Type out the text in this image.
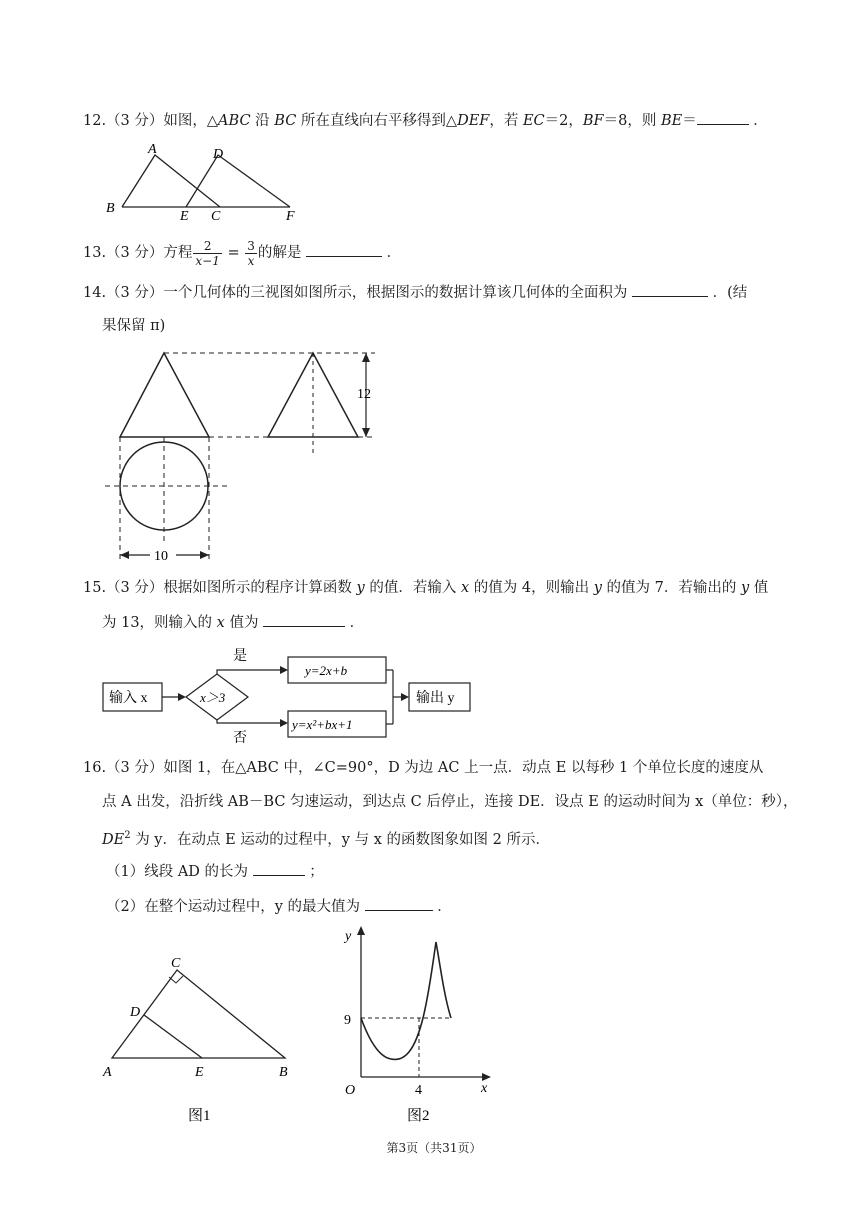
12.（3 分）如图，△ABC 沿 BC 所在直线向右平移得到△DEF，若 EC＝2，BF＝8，则 BE＝	．
A	D
B
E C	F
13.（3 分）方程 $\frac{2}{x-1} = \frac{3}{x}$ 的解是	．
14.（3 分）一个几何体的三视图如图所示，根据图示的数据计算该几何体的全面积为	．(结
果保留 π)
12
10
15.（3 分）根据如图所示的程序计算函数 y 的值．若输入 x 的值为 4，则输出 y 的值为 7．若输出的 y 值
为 13，则输入的 x 值为	．
输入 x	x＞3
是
否
y=2x+b
y=x²+bx+1
输出 y
16.（3 分）如图 1，在△ABC 中，∠C=90°，D 为边 AC 上一点．动点 E 以每秒 1 个单位长度的速度从
点 A 出发，沿折线 AB－BC 匀速运动，到达点 C 后停止，连接 DE．设点 E 的运动时间为 x（单位：秒），
$DE^2$ 为 y．在动点 E 运动的过程中，y 与 x 的函数图象如图 2 所示．
（1）线段 AD 的长为	；
（2）在整个运动过程中，y 的最大值为	．
C
D
A	E	B
图1
y
9
O	4	x
图2
第3页（共31页）
